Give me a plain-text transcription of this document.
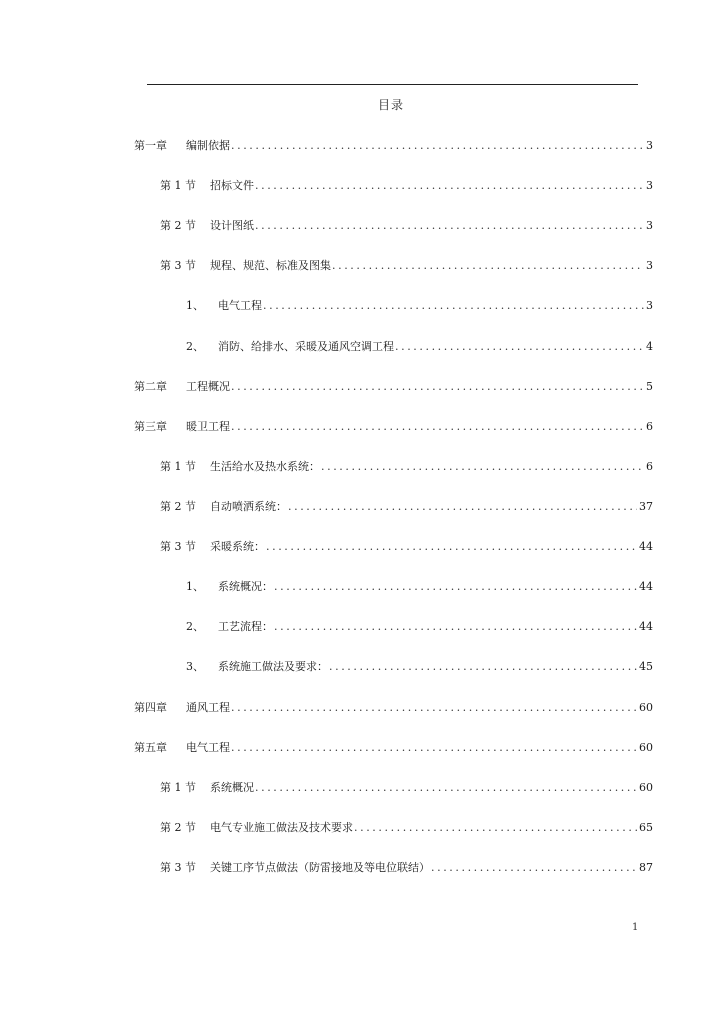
目录
第一章	编制依据 .....	3
第 1 节	招标文件 .....	3
第 2 节	设计图纸 .....	3
第 3 节	规程、规范、标准及图集 .....	3
1、	电气工程 .....	3
2、	消防、给排水、采暖及通风空调工程 .....	4
第二章	工程概况 .....	5
第三章	暖卫工程 .....	6
第 1 节	生活给水及热水系统： .....	6
第 2 节	自动喷洒系统： .....	37
第 3 节	采暖系统： .....	44
1、	系统概况： .....	44
2、	工艺流程： .....	44
3、	系统施工做法及要求： .....	45
第四章	通风工程 .....	60
第五章	电气工程 .....	60
第 1 节	系统概况 .....	60
第 2 节	电气专业施工做法及技术要求 .....	65
第 3 节	关键工序节点做法（防雷接地及等电位联结） .....	87
1
